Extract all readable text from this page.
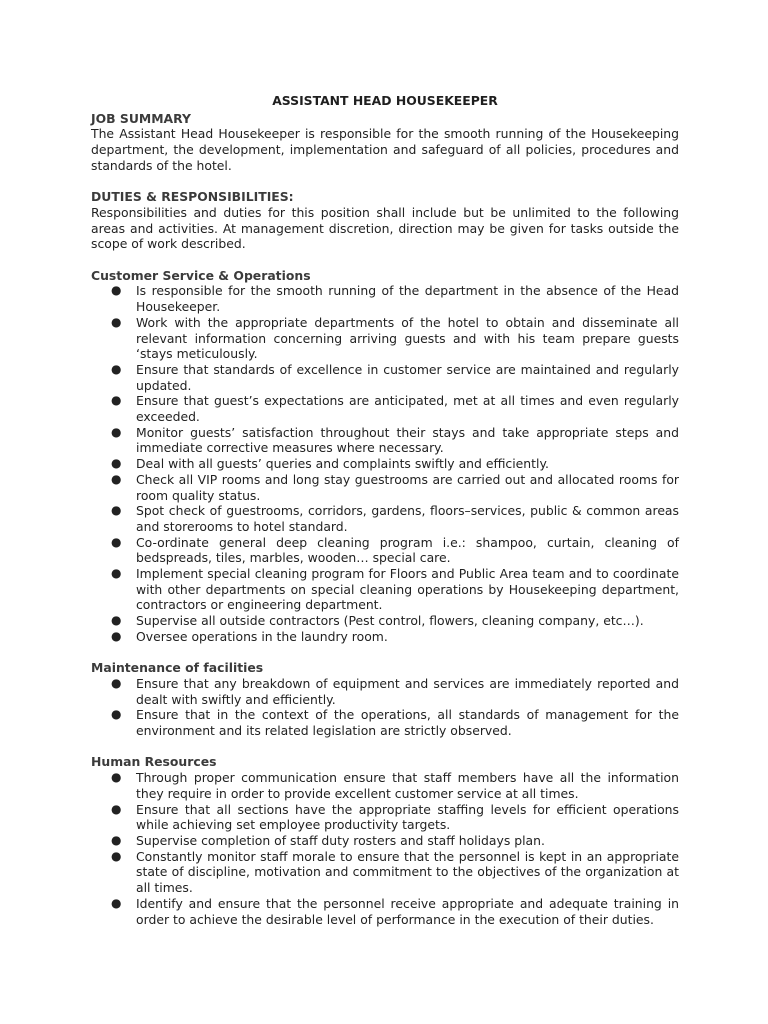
ASSISTANT HEAD HOUSEKEEPER

JOB SUMMARY

The Assistant Head Housekeeper is responsible for the smooth running of the Housekeeping department, the development, implementation and safeguard of all policies, procedures and standards of the hotel.

DUTIES & RESPONSIBILITIES:

Responsibilities and duties for this position shall include but be unlimited to the following areas and activities. At management discretion, direction may be given for tasks outside the scope of work described.

Customer Service & Operations

● Is responsible for the smooth running of the department in the absence of the Head Housekeeper.
● Work with the appropriate departments of the hotel to obtain and disseminate all relevant information concerning arriving guests and with his team prepare guests ‘stays meticulously.
● Ensure that standards of excellence in customer service are maintained and regularly updated.
● Ensure that guest’s expectations are anticipated, met at all times and even regularly exceeded.
● Monitor guests’ satisfaction throughout their stays and take appropriate steps and immediate corrective measures where necessary.
● Deal with all guests’ queries and complaints swiftly and efficiently.
● Check all VIP rooms and long stay guestrooms are carried out and allocated rooms for room quality status.
● Spot check of guestrooms, corridors, gardens, floors–services, public & common areas and storerooms to hotel standard.
● Co-ordinate general deep cleaning program i.e.: shampoo, curtain, cleaning of bedspreads, tiles, marbles, wooden… special care.
● Implement special cleaning program for Floors and Public Area team and to coordinate with other departments on special cleaning operations by Housekeeping department, contractors or engineering department.
● Supervise all outside contractors (Pest control, flowers, cleaning company, etc…).
● Oversee operations in the laundry room.

Maintenance of facilities

● Ensure that any breakdown of equipment and services are immediately reported and dealt with swiftly and efficiently.
● Ensure that in the context of the operations, all standards of management for the environment and its related legislation are strictly observed.

Human Resources

● Through proper communication ensure that staff members have all the information they require in order to provide excellent customer service at all times.
● Ensure that all sections have the appropriate staffing levels for efficient operations while achieving set employee productivity targets.
● Supervise completion of staff duty rosters and staff holidays plan.
● Constantly monitor staff morale to ensure that the personnel is kept in an appropriate state of discipline, motivation and commitment to the objectives of the organization at all times.
● Identify and ensure that the personnel receive appropriate and adequate training in order to achieve the desirable level of performance in the execution of their duties.
